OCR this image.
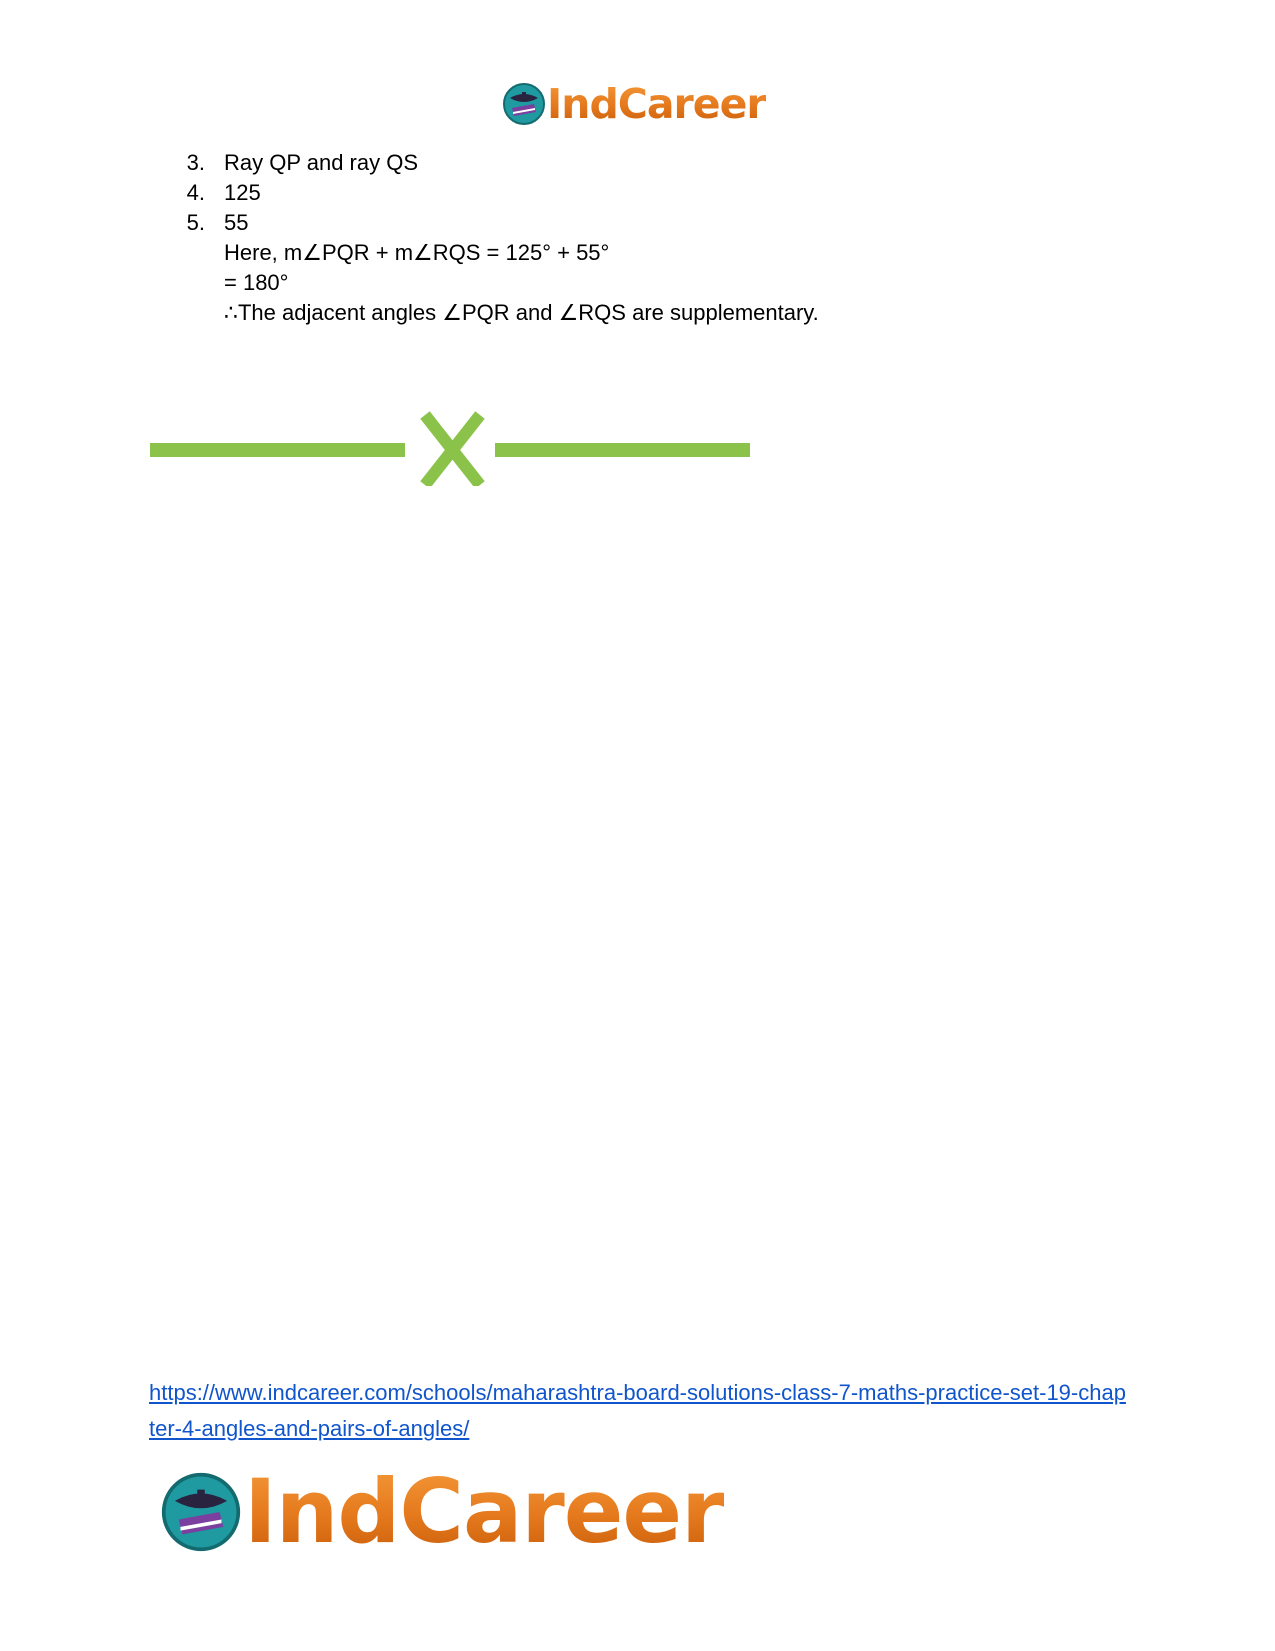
IndCareer
3 . Ray QP and ray QS
4 . 125
5 . 55
Here, m∠PQR + m∠RQS = 125° + 55°
= 180°
∴The adjacent angles ∠PQR and ∠RQS are supplementary.
https://www.indcareer.com/schools/maharashtra-board-solutions-class-7-maths-practice-set-19-chapter-4-angles-and-pairs-of-angles/
IndCareer
